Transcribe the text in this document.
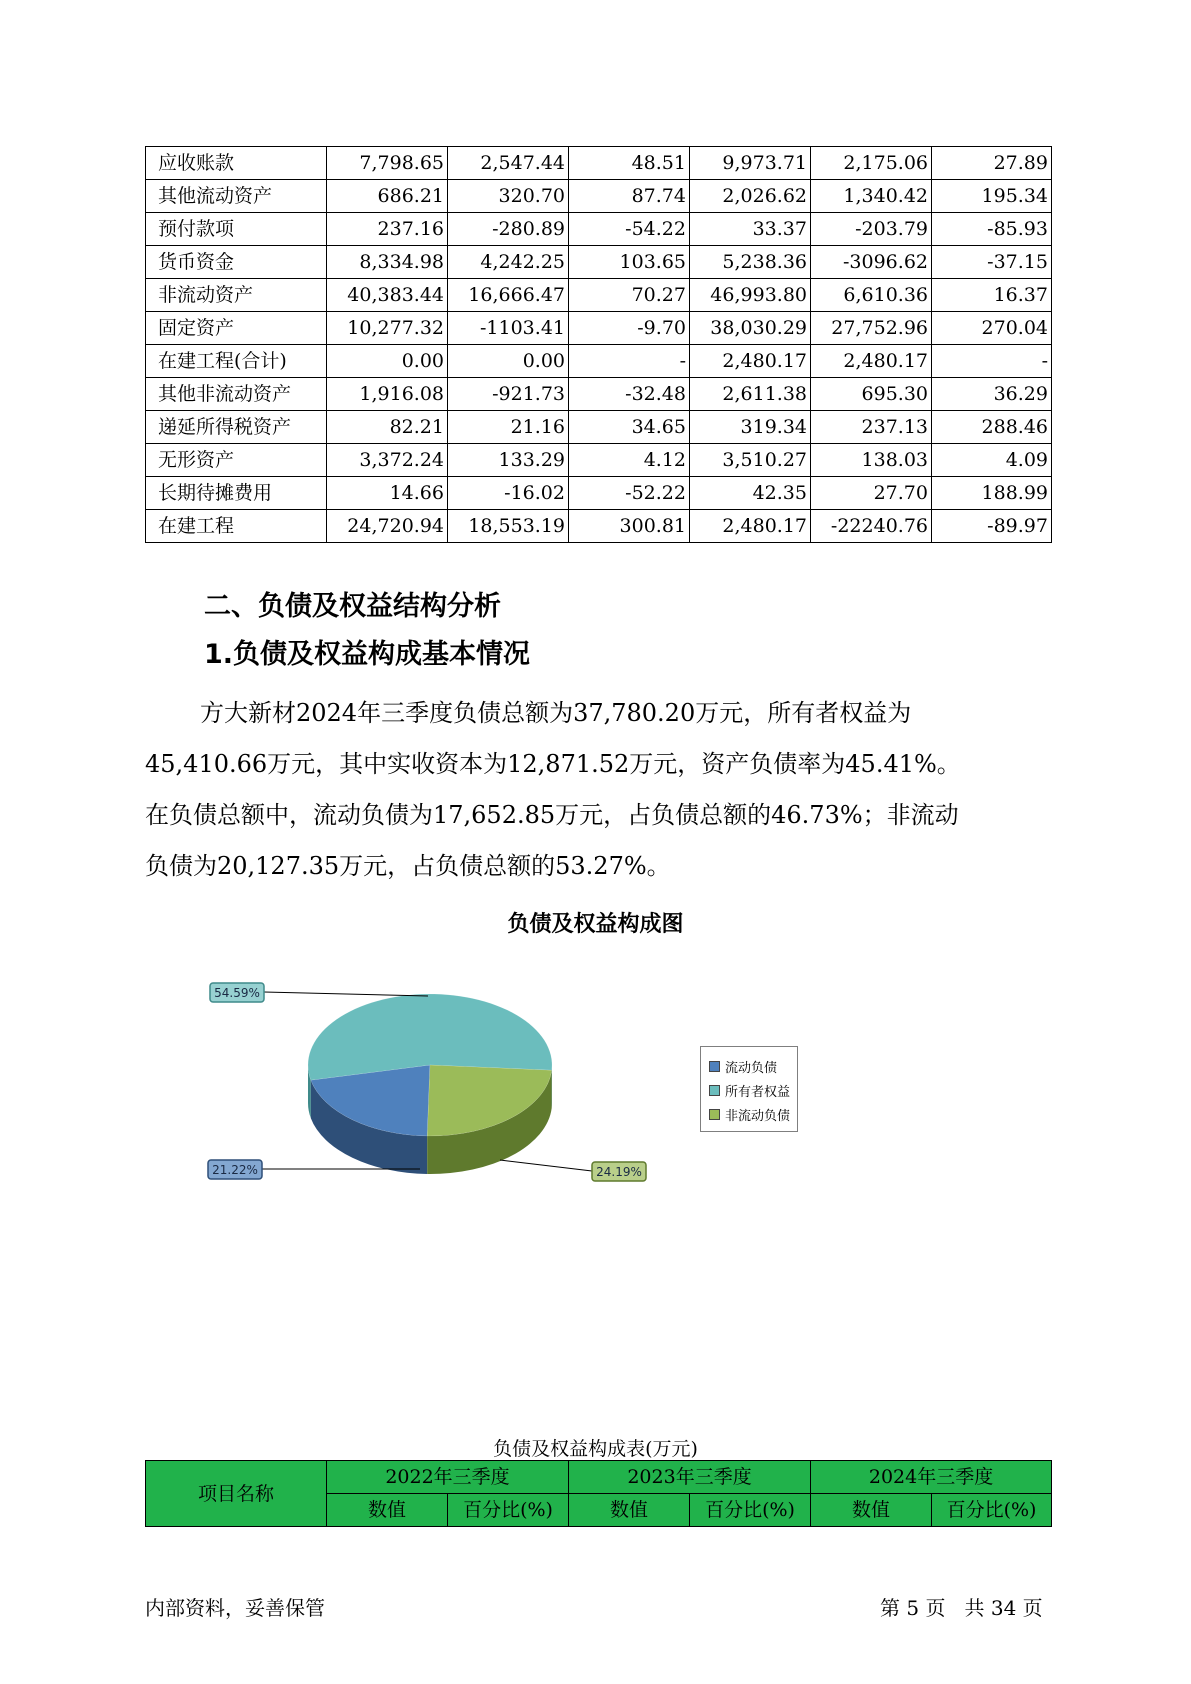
应收账款	7,798.65	2,547.44	48.51	9,973.71	2,175.06	27.89
其他流动资产	686.21	320.70	87.74	2,026.62	1,340.42	195.34
预付款项	237.16	-280.89	-54.22	33.37	-203.79	-85.93
货币资金	8,334.98	4,242.25	103.65	5,238.36	-3096.62	-37.15
非流动资产	40,383.44	16,666.47	70.27	46,993.80	6,610.36	16.37
固定资产	10,277.32	-1103.41	-9.70	38,030.29	27,752.96	270.04
在建工程(合计)	0.00	0.00	-	2,480.17	2,480.17	-
其他非流动资产	1,916.08	-921.73	-32.48	2,611.38	695.30	36.29
递延所得税资产	82.21	21.16	34.65	319.34	237.13	288.46
无形资产	3,372.24	133.29	4.12	3,510.27	138.03	4.09
长期待摊费用	14.66	-16.02	-52.22	42.35	27.70	188.99
在建工程	24,720.94	18,553.19	300.81	2,480.17	-22240.76	-89.97
二、负债及权益结构分析
1.负债及权益构成基本情况

方大新材2024年三季度负债总额为37,780.20万元，所有者权益为
45,410.66万元，其中实收资本为12,871.52万元，资产负债率为45.41%。
在负债总额中，流动负债为17,652.85万元，占负债总额的46.73%；非流动
负债为20,127.35万元，占负债总额的53.27%。

负债及权益构成图
21.22%
54.59%
24.19%
流动负债
所有者权益
非流动负债

负债及权益构成表(万元)

项目名称	2022年三季度		2023年三季度		2024年三季度	
	数值	百分比(%)	数值	百分比(%)	数值	百分比(%)
内部资料，妥善保管	第 5 页   共 34 页
